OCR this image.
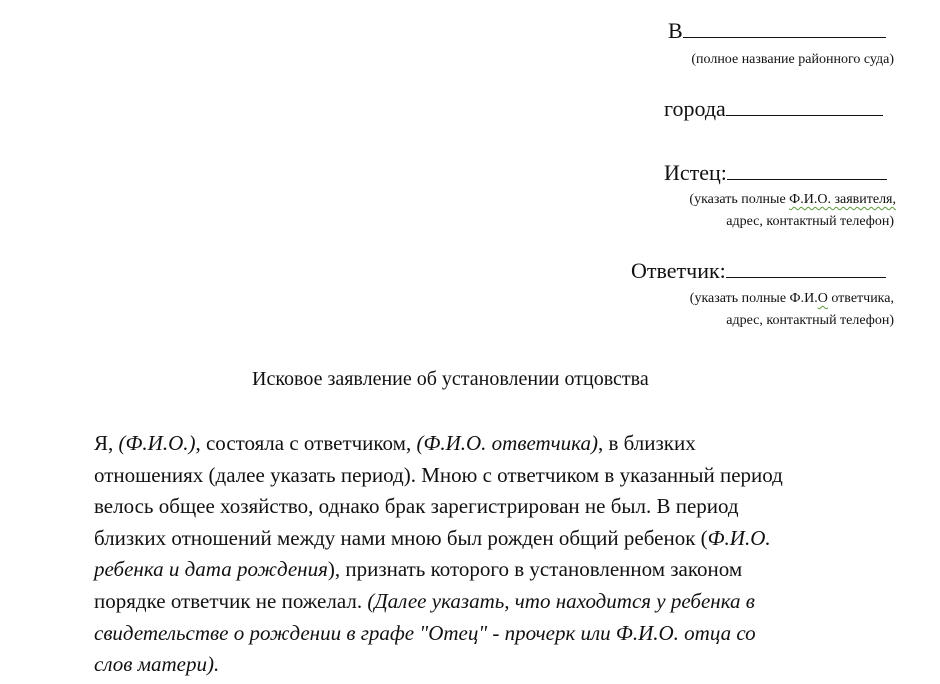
В
(полное название районного суда)
города
Истец:
(указать полные Ф.И.О. заявителя,
адрес, контактный телефон)
Ответчик:
(указать полные Ф.И.О ответчика,
адрес, контактный телефон)
Исковое заявление об установлении отцовства
Я, (Ф.И.О.), состояла с ответчиком, (Ф.И.О. ответчика), в близких
отношениях (далее указать период). Мною с ответчиком в указанный период
велось общее хозяйство, однако брак зарегистрирован не был. В период
близких отношений между нами мною был рожден общий ребенок (Ф.И.О.
ребенка и дата рождения), признать которого в установленном законом
порядке ответчик не пожелал. (Далее указать, что находится у ребенка в
свидетельстве о рождении в графе "Отец" - прочерк или Ф.И.О. отца со
слов матери).
